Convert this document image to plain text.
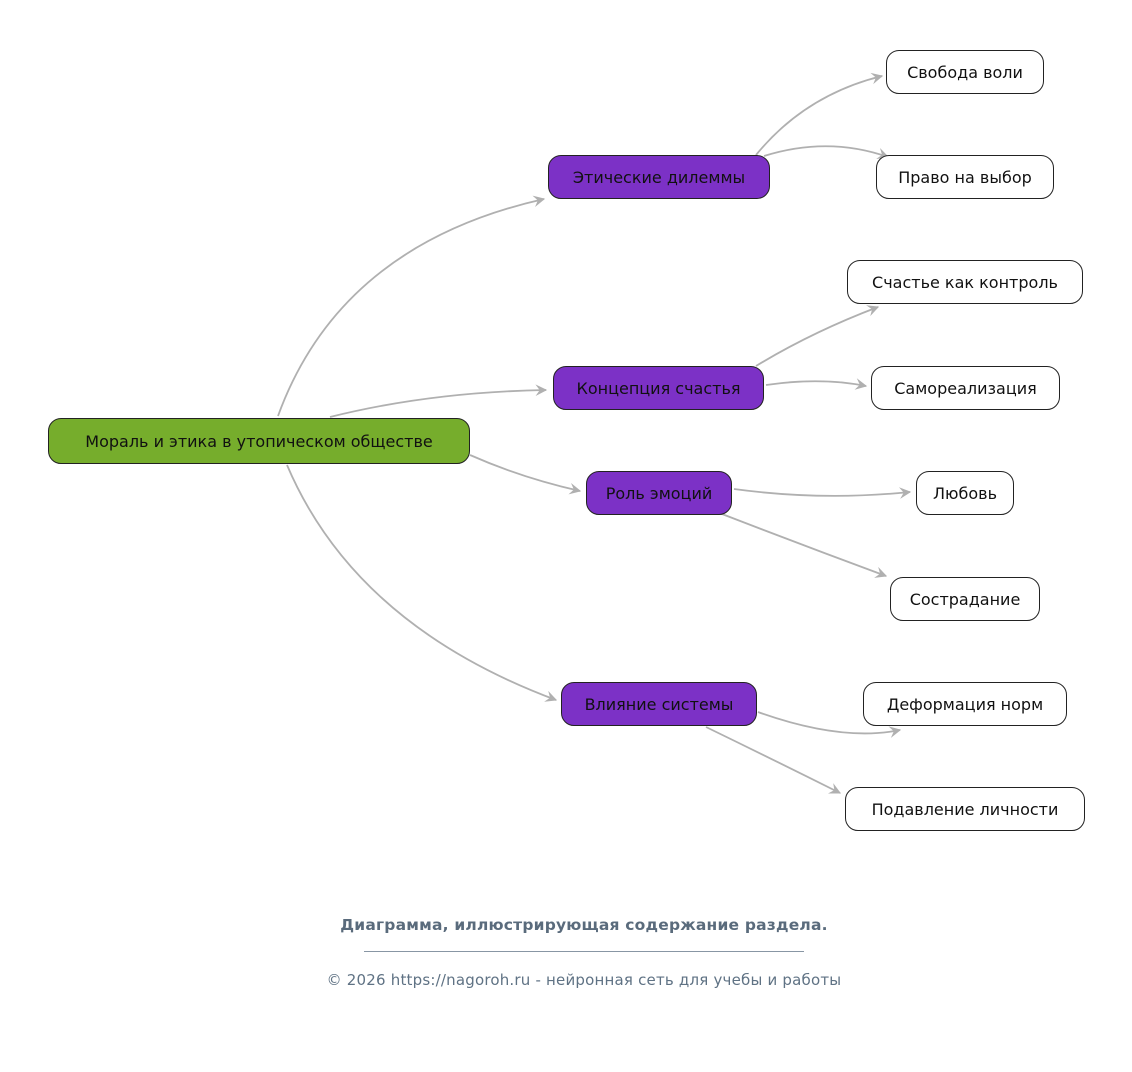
Мораль и этика в утопическом обществе
Этические дилеммы
Концепция счастья
Роль эмоций
Влияние системы
Свобода воли
Право на выбор
Счастье как контроль
Самореализация
Любовь
Сострадание
Деформация норм
Подавление личности
Диаграмма, иллюстрирующая содержание раздела.
© 2026 https://nagoroh.ru - нейронная сеть для учебы и работы
